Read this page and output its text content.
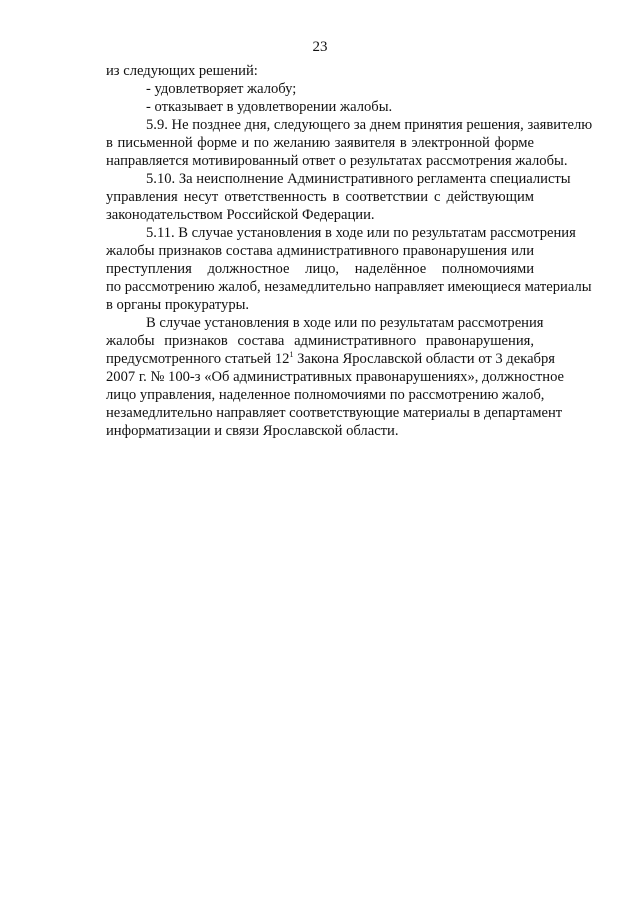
23
из следующих решений:
- удовлетворяет жалобу;
- отказывает в удовлетворении жалобы.
5.9. Не позднее дня, следующего за днем принятия решения, заявителю
в письменной форме и по желанию заявителя в электронной форме
направляется мотивированный ответ о результатах рассмотрения жалобы.
5.10. За неисполнение Административного регламента специалисты
управления несут ответственность в соответствии с действующим
законодательством Российской Федерации.
5.11. В случае установления в ходе или по результатам рассмотрения
жалобы признаков состава административного правонарушения или
преступления должностное лицо, наделённое полномочиями
по рассмотрению жалоб, незамедлительно направляет имеющиеся материалы
в органы прокуратуры.
В случае установления в ходе или по результатам рассмотрения
жалобы признаков состава административного правонарушения,
предусмотренного статьей $12^1$ Закона Ярославской области от 3 декабря
2007 г. № 100-з «Об административных правонарушениях», должностное
лицо управления, наделенное полномочиями по рассмотрению жалоб,
незамедлительно направляет соответствующие материалы в департамент
информатизации и связи Ярославской области.
